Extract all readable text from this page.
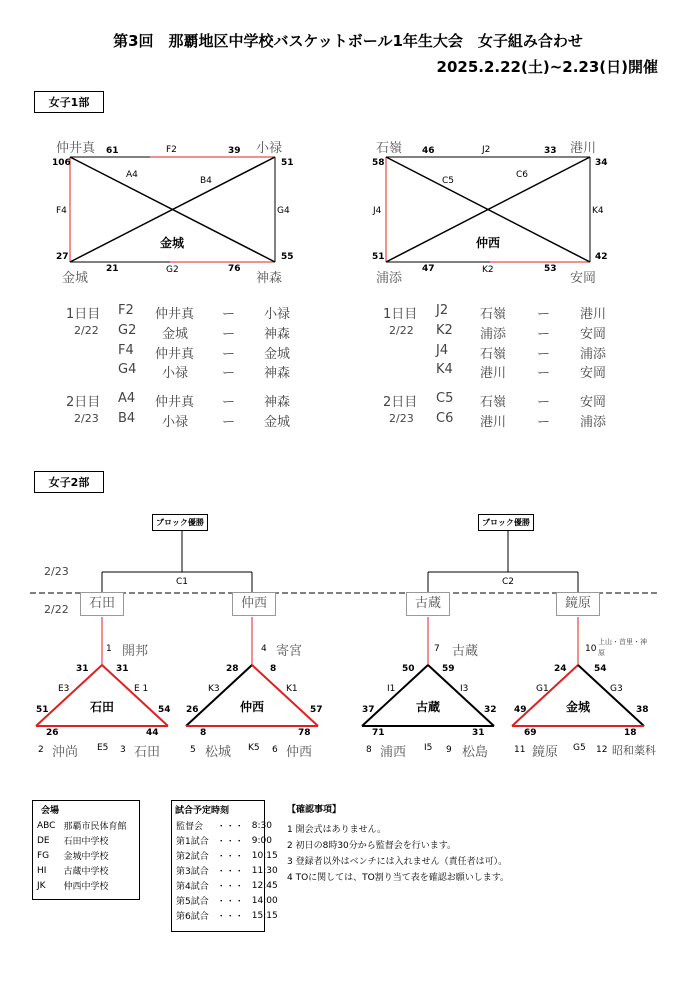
第3回　那覇地区中学校バスケットボール1年生大会　女子組み合わせ
2025.2.22(土)~2.23(日)開催
女子1部
仲井真	小禄
金城	神森
61	39
106	51
27	55
21	76
F2
F4	G4
G2
A4
B4
金城
石嶺	港川
浦添	安岡
46	33
58	34
51	42
47	53
J2
J4	K4
K2
C5
C6
仲西
1日目
2/22
F2 仲井真 ー 小禄
G2 金城	ー 神森
F4 仲井真 ー 金城
G4 小禄	ー 神森
2日目
2/23
A4 仲井真 ー 神森
B4 小禄	ー 金城
1日目
2/22
J2 石嶺 ー 港川
K2 浦添 ー 安岡
J4 石嶺 ー 浦添
K4 港川 ー 安岡
2日目
2/23
C5 石嶺 ー 安岡
C6 港川 ー 浦添
女子2部
ブロック優勝	ブロック優勝
2/23
2/22
C1	C2
石田	仲西	古蔵	鏡原
1 開邦
31	31
E3	E 1
51	54
石田
26	44
2 沖尚 E5 3 石田
4 寄宮
28	8
K3	K1
26	57
仲西
8	78
5 松城 K5 6 仲西
7 古蔵
50	59
I1	I3
37	32
古蔵
71	31
8 浦西 I5 9 松島
10
上山・首里・神原
24	54
G1	G3
49	38
金城
69	18
11 鏡原 G5 12 昭和薬科
会場
ABC	那覇市民体育館
DE	石田中学校
FG	金城中学校
HI	古蔵中学校
JK	仲西中学校
試合予定時刻
監督会	・・・	8:30
第1試合	・・・	9:00
第2試合	・・・	10:15
第3試合	・・・	11:30
第4試合	・・・	12:45
第5試合	・・・	14:00
第6試合	・・・	15:15
【確認事項】
1 開会式はありません。
2 初日の8時30分から監督会を行います。
3 登録者以外はベンチには入れません（責任者は可）。
4 TOに関しては、TO割り当て表を確認お願いします。
